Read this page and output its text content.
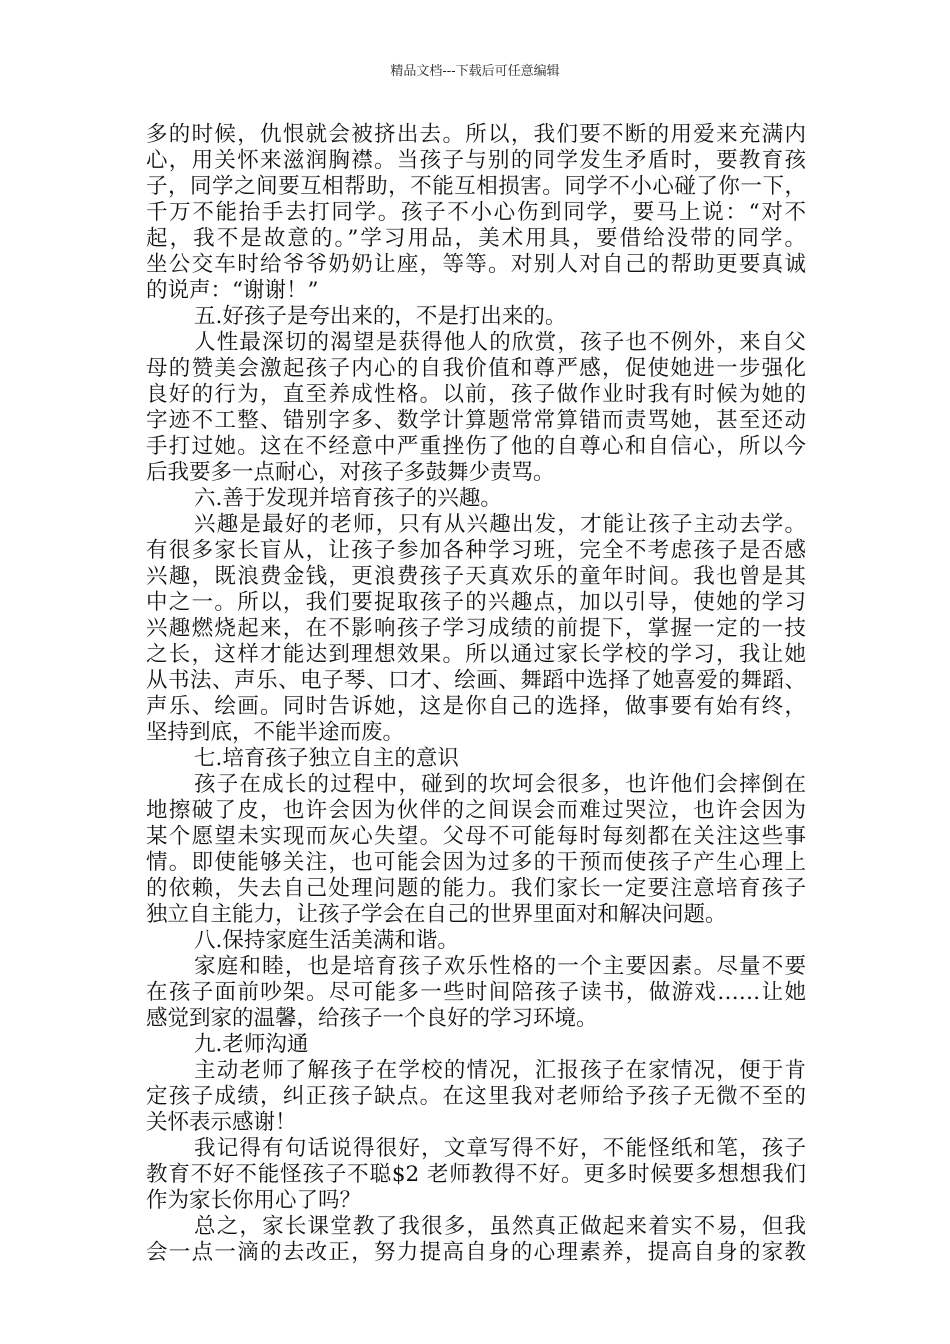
精品文档---下载后可任意编辑
多的时候，仇恨就会被挤出去。所以，我们要不断的用爱来充满内
心，用关怀来滋润胸襟。当孩子与别的同学发生矛盾时，要教育孩
子，同学之间要互相帮助，不能互相损害。同学不小心碰了你一下，
千万不能抬手去打同学。孩子不小心伤到同学，要马上说：“对不
起，我不是故意的。”学习用品，美术用具，要借给没带的同学。
坐公交车时给爷爷奶奶让座，等等。对别人对自己的帮助更要真诚
的说声：“谢谢！”
五.好孩子是夸出来的，不是打出来的。
人性最深切的渴望是获得他人的欣赏，孩子也不例外，来自父
母的赞美会激起孩子内心的自我价值和尊严感，促使她进一步强化
良好的行为，直至养成性格。以前，孩子做作业时我有时候为她的
字迹不工整、错别字多、数学计算题常常算错而责骂她，甚至还动
手打过她。这在不经意中严重挫伤了他的自尊心和自信心，所以今
后我要多一点耐心，对孩子多鼓舞少责骂。
六.善于发现并培育孩子的兴趣。
兴趣是最好的老师，只有从兴趣出发，才能让孩子主动去学。
有很多家长盲从，让孩子参加各种学习班，完全不考虑孩子是否感
兴趣，既浪费金钱，更浪费孩子天真欢乐的童年时间。我也曾是其
中之一。所以，我们要捉取孩子的兴趣点，加以引导，使她的学习
兴趣燃烧起来，在不影响孩子学习成绩的前提下，掌握一定的一技
之长，这样才能达到理想效果。所以通过家长学校的学习，我让她
从书法、声乐、电子琴、口才、绘画、舞蹈中选择了她喜爱的舞蹈、
声乐、绘画。同时告诉她，这是你自己的选择，做事要有始有终，
坚持到底，不能半途而废。
七.培育孩子独立自主的意识
孩子在成长的过程中，碰到的坎坷会很多，也许他们会摔倒在
地擦破了皮，也许会因为伙伴的之间误会而难过哭泣，也许会因为
某个愿望未实现而灰心失望。父母不可能每时每刻都在关注这些事
情。即使能够关注，也可能会因为过多的干预而使孩子产生心理上
的依赖，失去自己处理问题的能力。我们家长一定要注意培育孩子
独立自主能力，让孩子学会在自己的世界里面对和解决问题。
八.保持家庭生活美满和谐。
家庭和睦，也是培育孩子欢乐性格的一个主要因素。尽量不要
在孩子面前吵架。尽可能多一些时间陪孩子读书，做游戏……让她
感觉到家的温馨，给孩子一个良好的学习环境。
九.老师沟通
主动老师了解孩子在学校的情况，汇报孩子在家情况，便于肯
定孩子成绩，纠正孩子缺点。在这里我对老师给予孩子无微不至的
关怀表示感谢！
我记得有句话说得很好，文章写得不好，不能怪纸和笔，孩子
教育不好不能怪孩子不聪$2 老师教得不好。更多时候要多想想我们
作为家长你用心了吗？
总之，家长课堂教了我很多，虽然真正做起来着实不易，但我
会一点一滴的去改正，努力提高自身的心理素养，提高自身的家教
